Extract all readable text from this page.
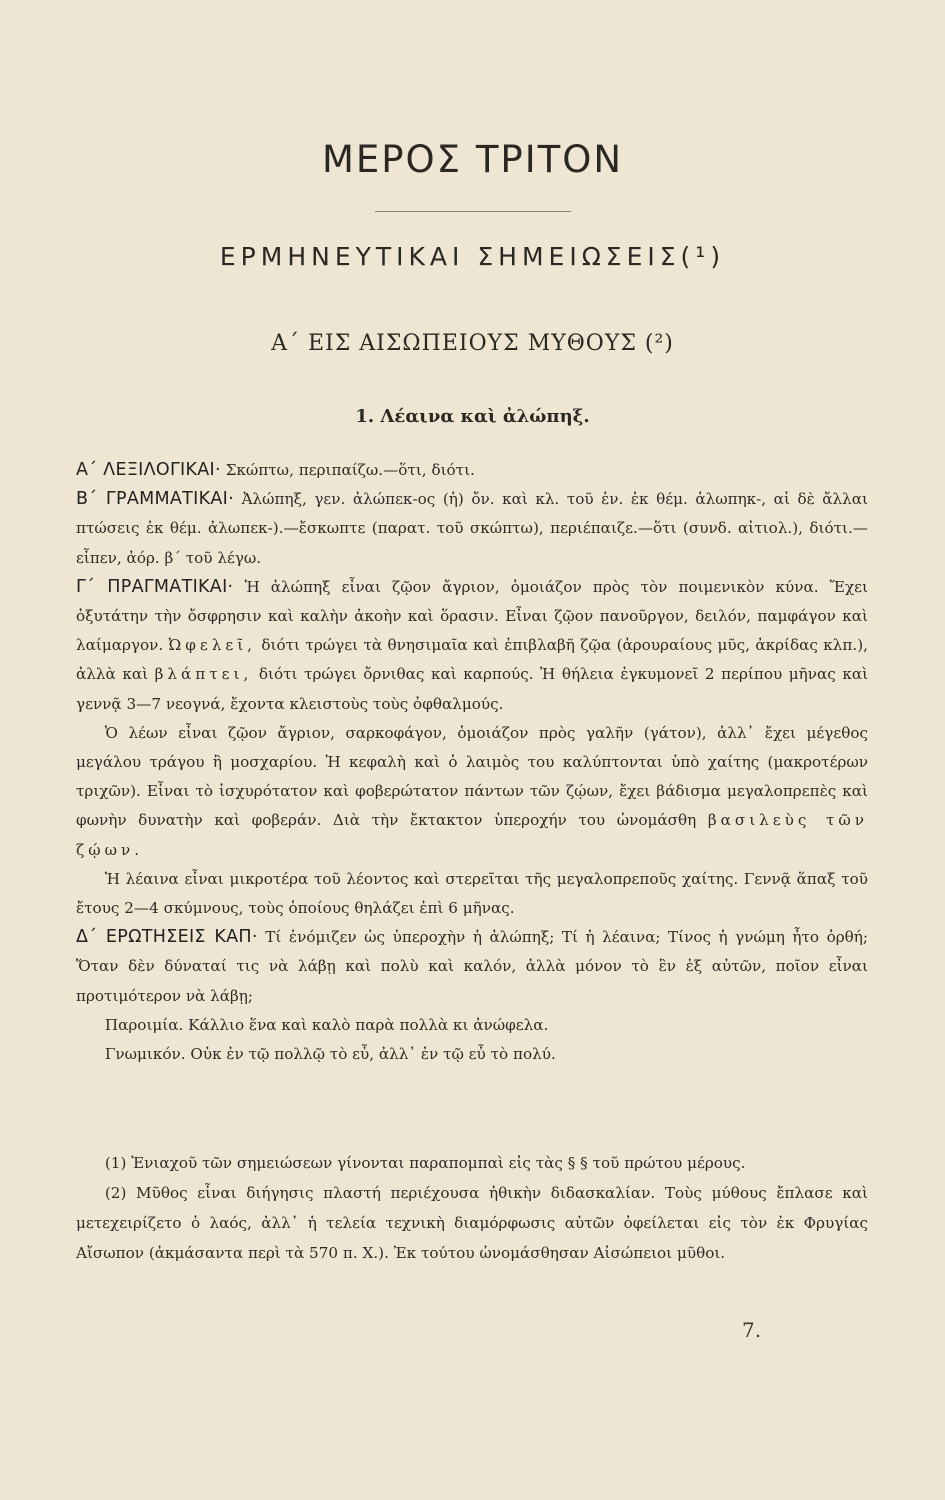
ΜΕΡΟΣ ΤΡΙΤΟΝ
ΕΡΜΗΝΕΥΤΙΚΑΙ ΣΗΜΕΙΩΣΕΙΣ(¹)
Α΄ ΕΙΣ ΑΙΣΩΠΕΙΟΥΣ ΜΥΘΟΥΣ (²)
1. Λέαινα καὶ ἀλώπηξ.

Α΄ ΛΕΞΙΛΟΓΙΚΑΙ· Σκώπτω, περιπαίζω.—ὅτι, διότι.

Β΄ ΓΡΑΜΜΑΤΙΚΑΙ· Ἀλώπηξ, γεν. ἀλώπεκ-ος (ἡ) ὄν. καὶ κλ. τοῦ ἐν. ἐκ θέμ. ἀλωπηκ-, αἱ δὲ ἄλλαι πτώσεις ἐκ θέμ. ἀλωπεκ-).—ἔσκωπτε (παρατ. τοῦ σκώπτω), περιέπαιζε.—ὅτι (συνδ. αἰτιολ.), διότι.—εἶπεν, ἀόρ. β΄ τοῦ λέγω.

Γ΄ ΠΡΑΓΜΑΤΙΚΑΙ· Ἡ ἀλώπηξ εἶναι ζῷον ἄγριον, ὁμοιάζον πρὸς τὸν ποιμενικὸν κύνα. Ἔχει ὀξυτάτην τὴν ὄσφρησιν καὶ καλὴν ἀκοὴν καὶ ὅρασιν. Εἶναι ζῷον πανοῦργον, δειλόν, παμφάγον καὶ λαίμαργον. Ὠφελεῖ, διότι τρώγει τὰ θνησιμαῖα καὶ ἐπιβλαβῆ ζῷα (ἀρουραίους μῦς, ἀκρίδας κλπ.), ἀλλὰ καὶ βλάπτει, διότι τρώγει ὄρνιθας καὶ καρπούς. Ἡ θήλεια ἐγκυμονεῖ 2 περίπου μῆνας καὶ γεννᾷ 3—7 νεογνά, ἔχοντα κλειστοὺς τοὺς ὀφθαλμούς.

Ὁ λέων εἶναι ζῷον ἄγριον, σαρκοφάγον, ὁμοιάζον πρὸς γαλῆν (γάτον), ἀλλ᾽ ἔχει μέγεθος μεγάλου τράγου ἢ μοσχαρίου. Ἡ κεφαλὴ καὶ ὁ λαιμὸς του καλύπτονται ὑπὸ χαίτης (μακροτέρων τριχῶν). Εἶναι τὸ ἰσχυρότατον καὶ φοβερώτατον πάντων τῶν ζῴων, ἔχει βάδισμα μεγαλοπρεπὲς καὶ φωνὴν δυνατὴν καὶ φοβεράν. Διὰ τὴν ἔκτακτον ὑπεροχήν του ὠνομάσθη βασιλεὺς τῶν ζῴων.

Ἡ λέαινα εἶναι μικροτέρα τοῦ λέοντος καὶ στερεῖται τῆς μεγαλοπρεποῦς χαίτης. Γεννᾷ ἅπαξ τοῦ ἔτους 2—4 σκύμνους, τοὺς ὁποίους θηλάζει ἐπὶ 6 μῆνας.

Δ΄ ΕΡΩΤΗΣΕΙΣ ΚΑΠ· Τί ἐνόμιζεν ὡς ὑπεροχὴν ἡ ἀλώπηξ; Τί ἡ λέαινα; Τίνος ἡ γνώμη ἦτο ὀρθή; Ὅταν δὲν δύναταί τις νὰ λάβῃ καὶ πολὺ καὶ καλόν, ἀλλὰ μόνον τὸ ἓν ἐξ αὐτῶν, ποῖον εἶναι προτιμότερον νὰ λάβῃ;

Παροιμία. Κάλλιο ἕνα καὶ καλὸ παρὰ πολλὰ κι ἀνώφελα.

Γνωμικόν. Οὐκ ἐν τῷ πολλῷ τὸ εὖ, ἀλλ᾽ ἐν τῷ εὖ τὸ πολύ.

(1) Ἐνιαχοῦ τῶν σημειώσεων γίνονται παραπομπαὶ εἰς τὰς § § τοῦ πρώτου μέρους.

(2) Μῦθος εἶναι διήγησις πλαστή περιέχουσα ἠθικὴν διδασκαλίαν. Τοὺς μύθους ἔπλασε καὶ μετεχειρίζετο ὁ λαός, ἀλλ᾽ ἡ τελεία τεχνικὴ διαμόρφωσις αὐτῶν ὀφείλεται εἰς τὸν ἐκ Φρυγίας Αἴσωπον (ἀκμάσαντα περὶ τὰ 570 π. Χ.). Ἐκ τούτου ὠνομάσθησαν Αἰσώπειοι μῦθοι.

7.
